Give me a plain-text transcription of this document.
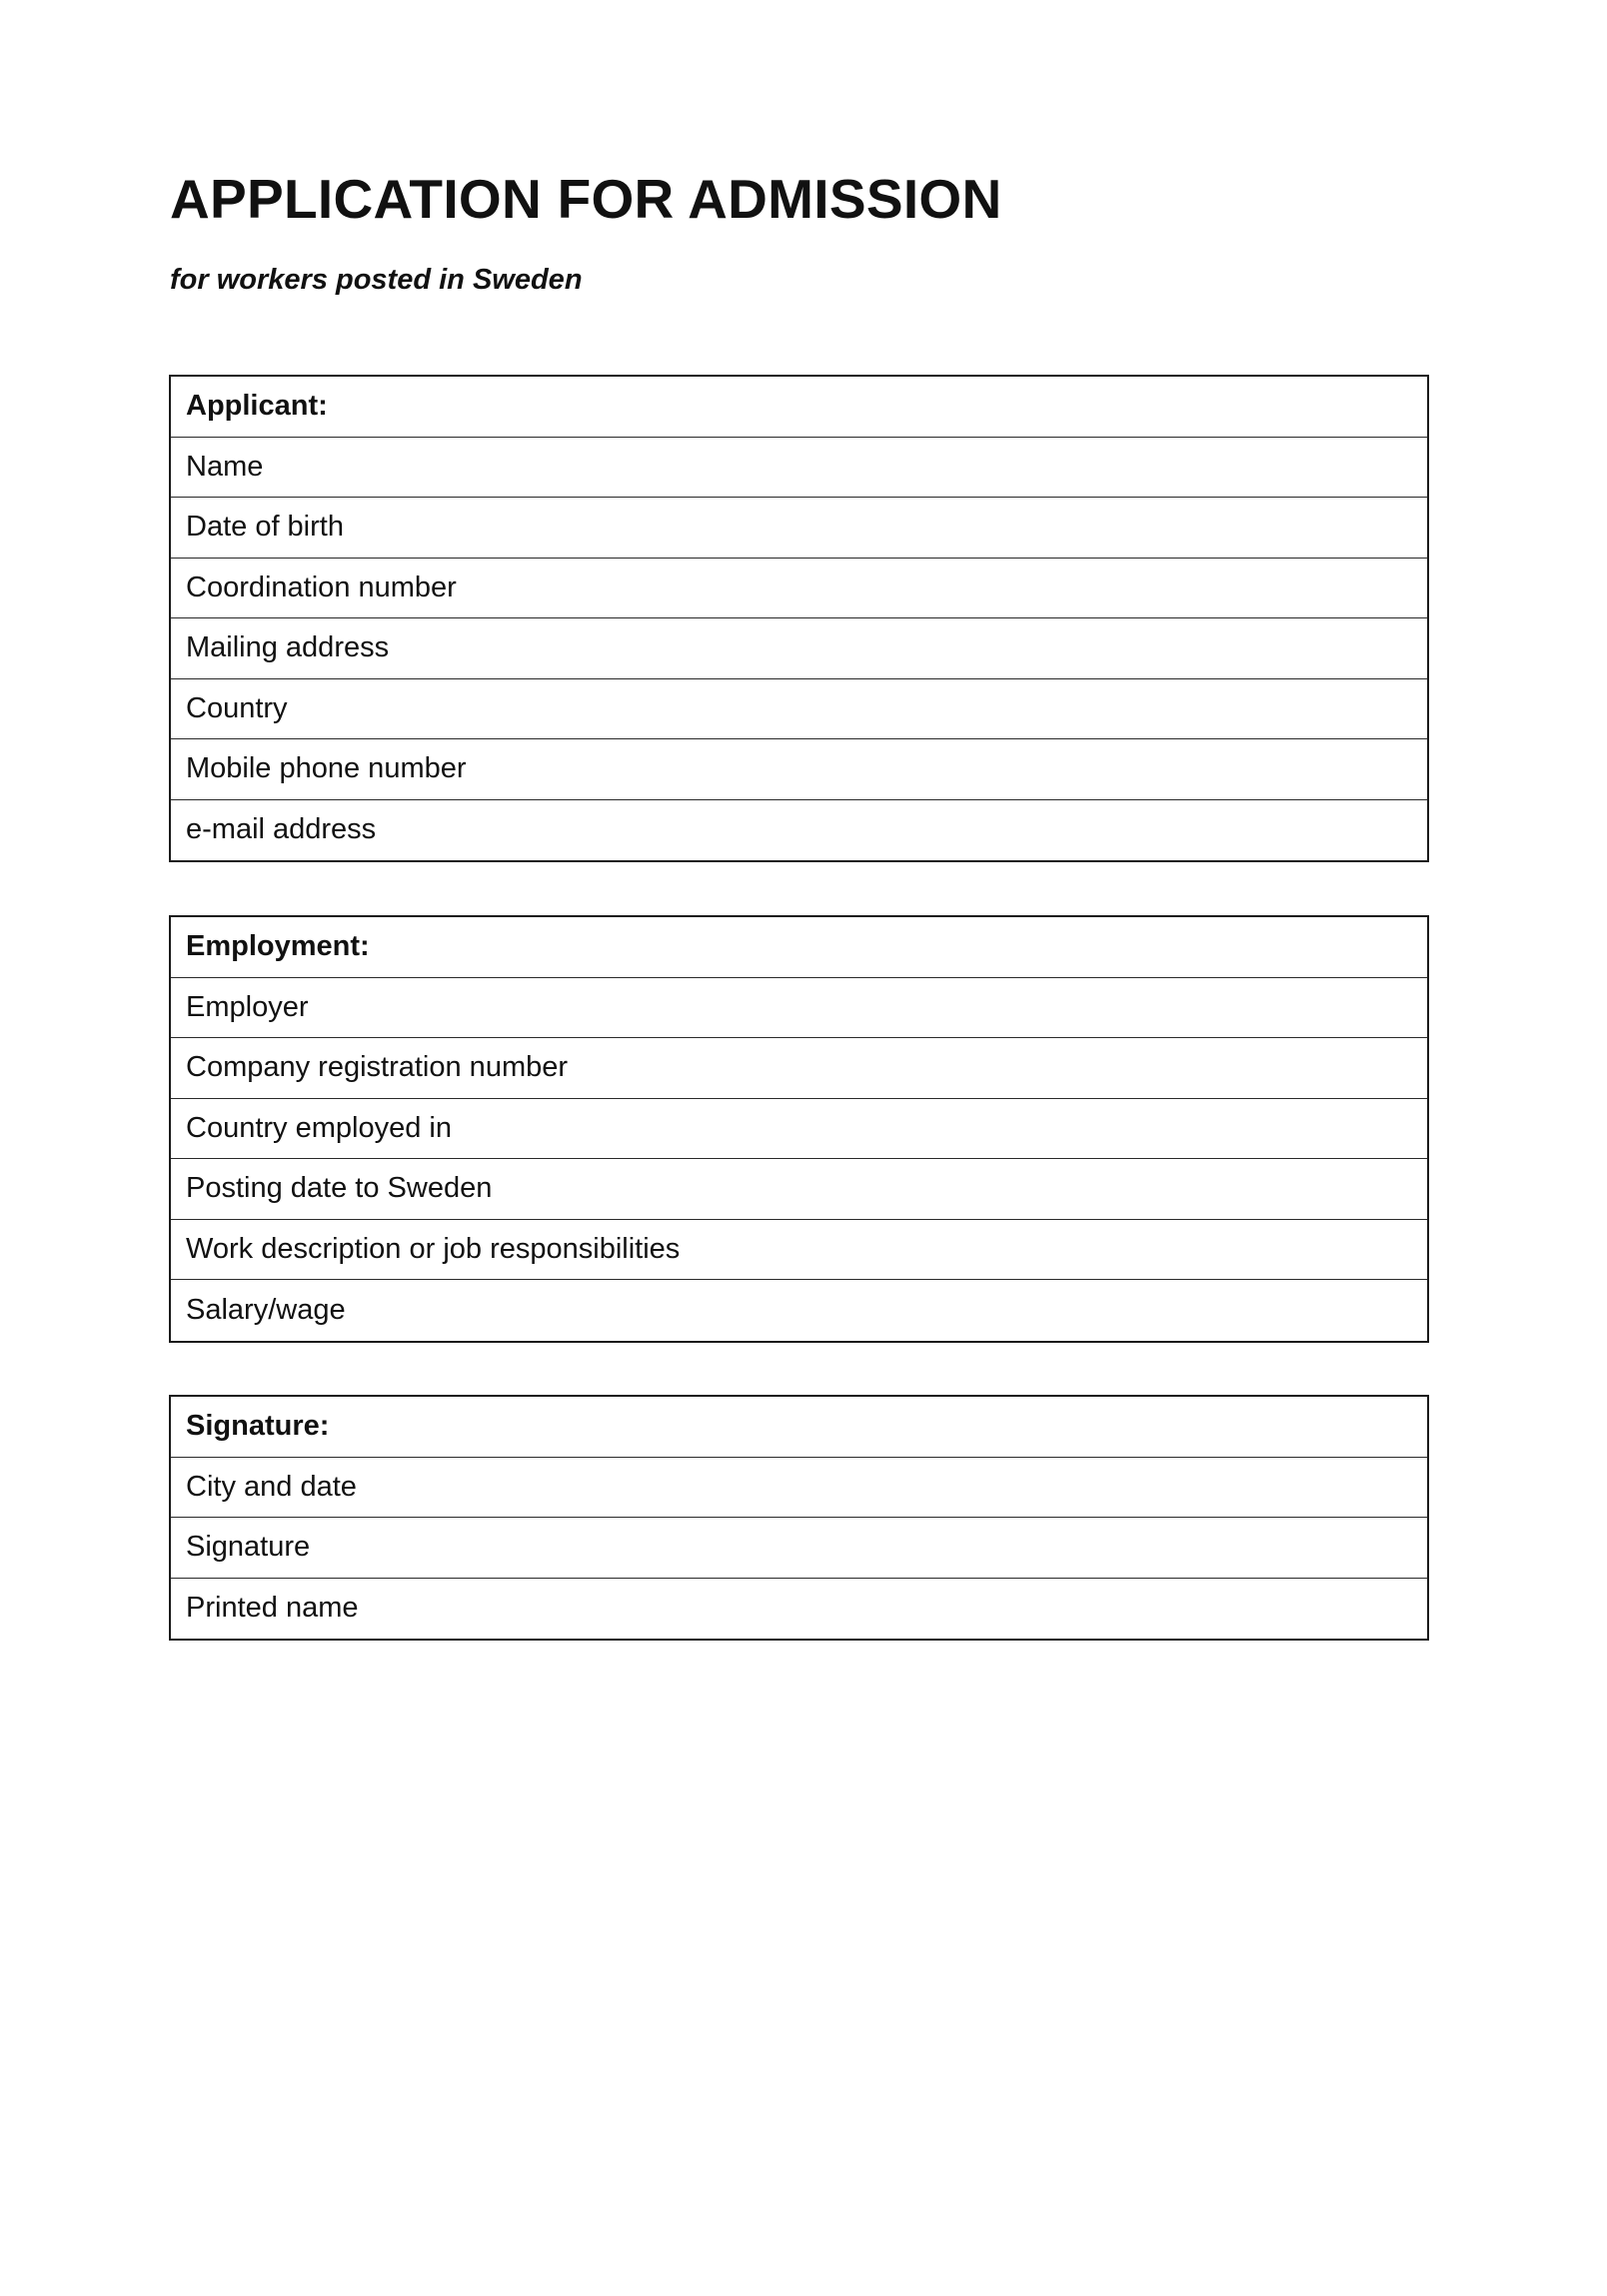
APPLICATION FOR ADMISSION

for workers posted in Sweden

Applicant:
Name
Date of birth
Coordination number
Mailing address
Country
Mobile phone number
e-mail address
Employment:
Employer
Company registration number
Country employed in
Posting date to Sweden
Work description or job responsibilities
Salary/wage
Signature:
City and date
Signature
Printed name
